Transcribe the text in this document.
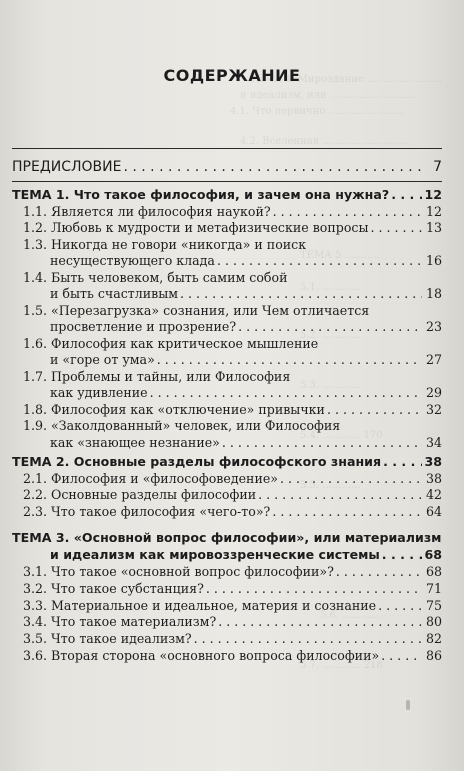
ТЕМА 4. Мироздание ........................
и идеализм, или ...........................
4.1. Что первично ........................
4.2. Вселенная ...........................
ТЕМА 5 ...........
5.1. ............
5.2. ............
5.3. ............
5.4. ............ 170
5.5. ............
5.6. ............
5.7. ............ 218
СОДЕРЖАНИЕ
ПРЕДИСЛОВИЕ . . .	7
ТЕМА 1. Что такое философия, и зачем она нужна? . . .	12
1.1. Является ли философия наукой? . . .	12
1.2. Любовь к мудрости и метафизические вопросы . . .	13
1.3. Никогда не говори «никогда» и поиск
несуществующего клада . . .	16
1.4. Быть человеком, быть самим собой
и быть счастливым . . .	18
1.5. «Перезагрузка» сознания, или Чем отличается
просветление и прозрение? . . .	23
1.6. Философия как критическое мышление
и «горе от ума» . . .	27
1.7. Проблемы и тайны, или Философия
как удивление . . .	29
1.8. Философия как «отключение» привычки . . .	32
1.9. «Заколдованный» человек, или Философия
как «знающее незнание» . . .	34
ТЕМА 2. Основные разделы философского знания . . .	38
2.1. Философия и «философоведение» . . .	38
2.2. Основные разделы философии . . .	42
2.3. Что такое философия «чего-то»? . . .	64
ТЕМА 3. «Основной вопрос философии», или материализм
и идеализм как мировоззренческие системы . . .	68
3.1. Что такое «основной вопрос философии»? . . .	68
3.2. Что такое субстанция? . . .	71
3.3. Материальное и идеальное, материя и сознание . . .	75
3.4. Что такое материализм? . . .	80
3.5. Что такое идеализм? . . .	82
3.6. Вторая сторона «основного вопроса философии» . . .	86
